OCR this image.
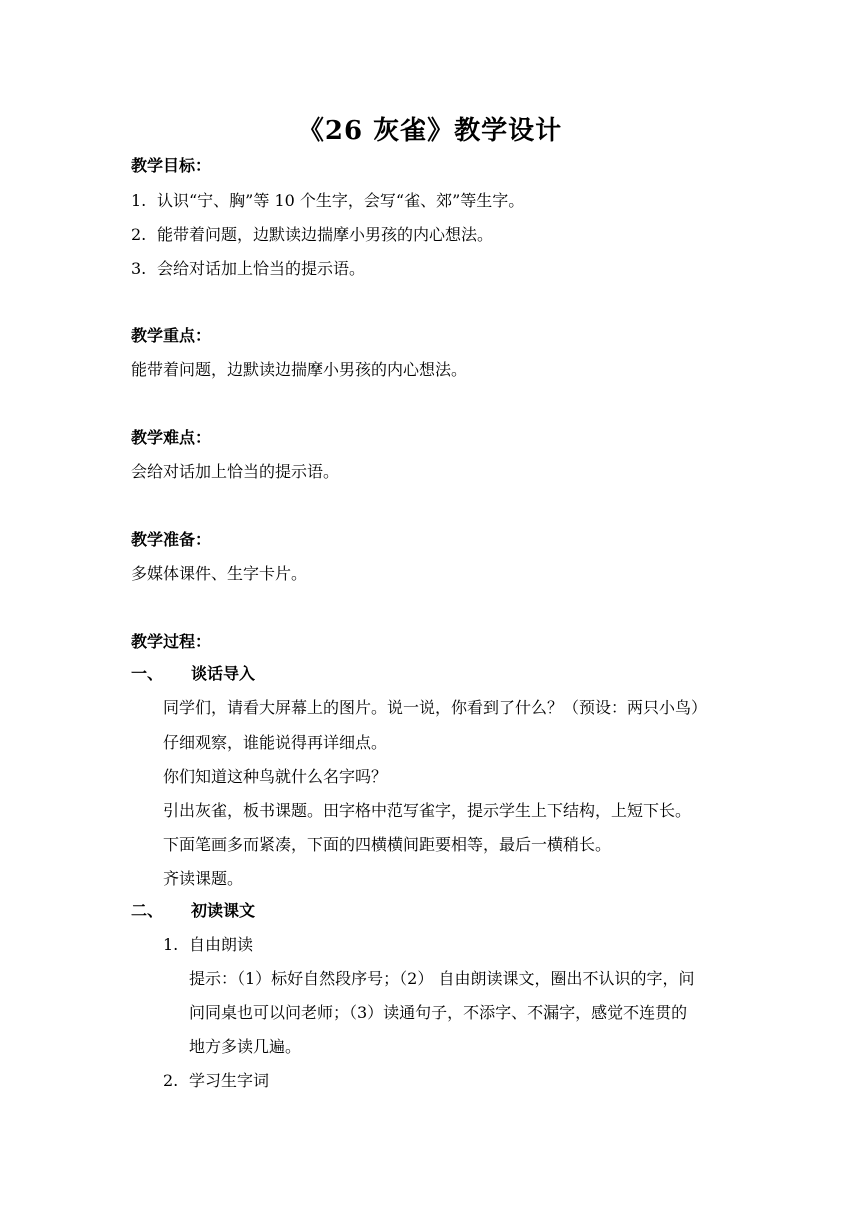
《26 灰雀》教学设计
教学目标：
1. 认识“宁、胸”等 10 个生字，会写“雀、郊”等生字。
2. 能带着问题，边默读边揣摩小男孩的内心想法。
3. 会给对话加上恰当的提示语。
教学重点：
能带着问题，边默读边揣摩小男孩的内心想法。
教学难点：
会给对话加上恰当的提示语。
教学准备：
多媒体课件、生字卡片。
教学过程：
一、 谈话导入
同学们，请看大屏幕上的图片。说一说，你看到了什么？（预设：两只小鸟）
仔细观察，谁能说得再详细点。
你们知道这种鸟就什么名字吗？
引出灰雀，板书课题。田字格中范写雀字，提示学生上下结构，上短下长。
下面笔画多而紧凑，下面的四横横间距要相等，最后一横稍长。
齐读课题。
二、 初读课文
1. 自由朗读
提示：（1）标好自然段序号；（2） 自由朗读课文，圈出不认识的字，问
问同桌也可以问老师；（3）读通句子，不添字、不漏字，感觉不连贯的
地方多读几遍。
2. 学习生字词
